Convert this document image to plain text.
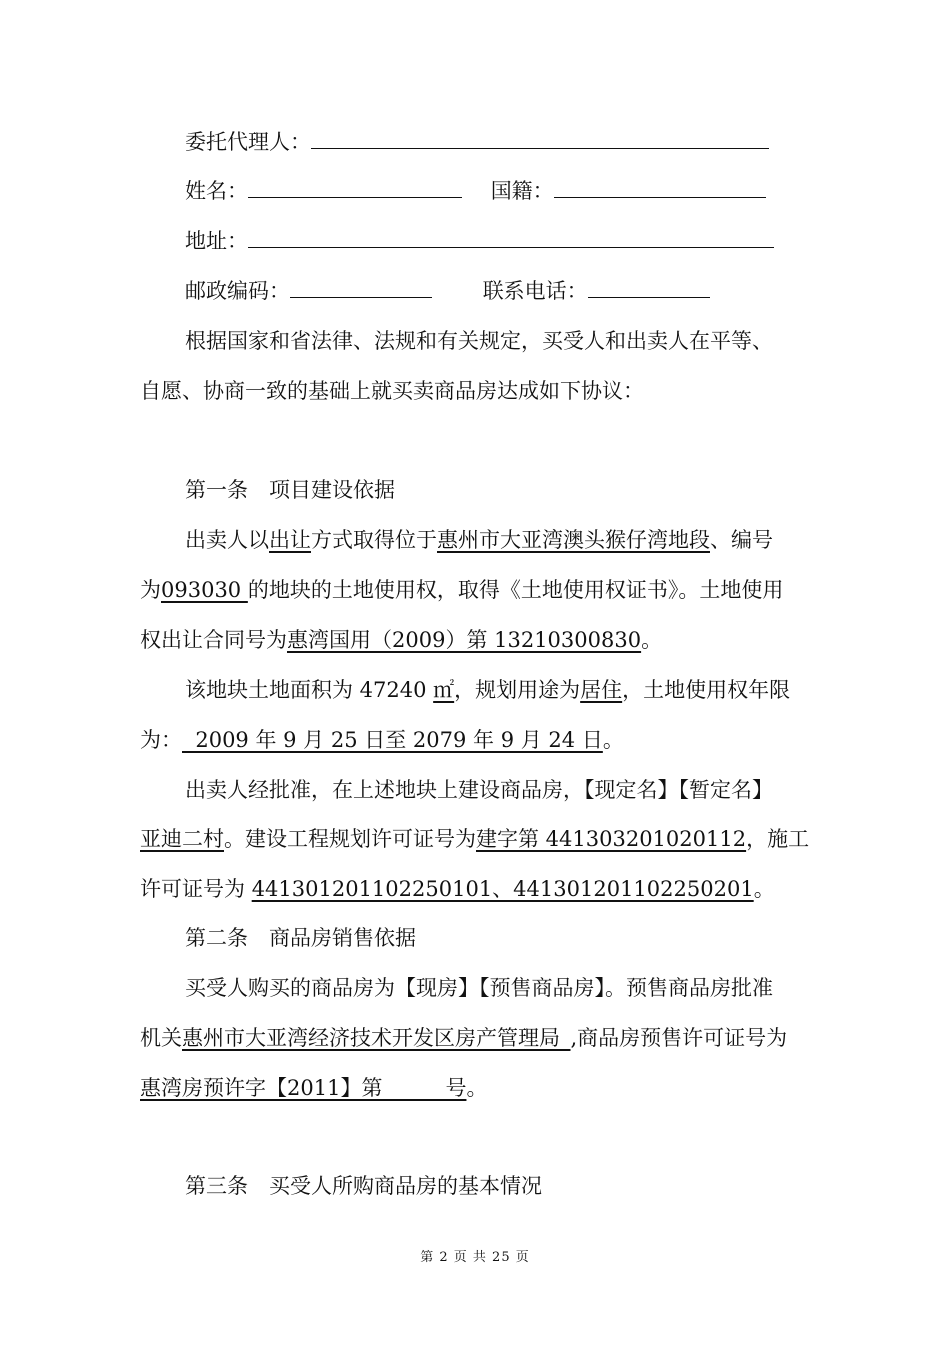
委托代理人：
姓名：	国籍：
地址：
邮政编码：	联系电话：
根据国家和省法律、法规和有关规定，买受人和出卖人在平等、
自愿、协商一致的基础上就买卖商品房达成如下协议：
第一条　项目建设依据
出卖人以出让方式取得位于惠州市大亚湾澳头猴仔湾地段、编号
为093030 的地块的土地使用权，取得《土地使用权证书》。土地使用
权出让合同号为惠湾国用（2009）第 13210300830。
该地块土地面积为 47240 ㎡，规划用途为居住，土地使用权年限
为：  2009 年 9 月 25 日至 2079 年 9 月 24 日。
出卖人经批准，在上述地块上建设商品房，【现定名】【暂定名】
亚迪二村。建设工程规划许可证号为建字第 441303201020112，施工
许可证号为 441301201102250101、441301201102250201。
第二条　商品房销售依据
买受人购买的商品房为【现房】【预售商品房】。预售商品房批准
机关惠州市大亚湾经济技术开发区房产管理局_,商品房预售许可证号为
惠湾房预许字【2011】第　　　号。
第三条　买受人所购商品房的基本情况
第 2 页 共 25 页
